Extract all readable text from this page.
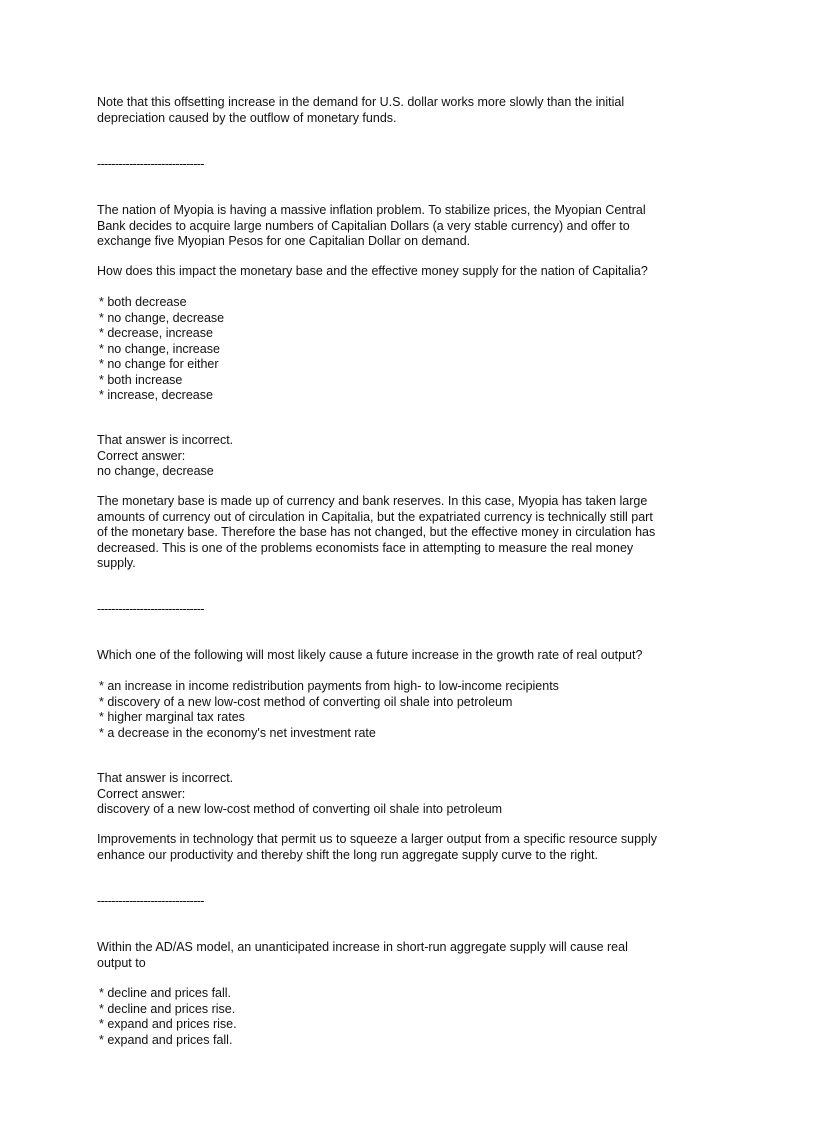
Note that this offsetting increase in the demand for U.S. dollar works more slowly than the initial
depreciation caused by the outflow of monetary funds.
------------------------------
The nation of Myopia is having a massive inflation problem. To stabilize prices, the Myopian Central
Bank decides to acquire large numbers of Capitalian Dollars (a very stable currency) and offer to
exchange five Myopian Pesos for one Capitalian Dollar on demand.
How does this impact the monetary base and the effective money supply for the nation of Capitalia?
* both decrease
* no change, decrease
* decrease, increase
* no change, increase
* no change for either
* both increase
* increase, decrease
That answer is incorrect.
Correct answer:
no change, decrease
The monetary base is made up of currency and bank reserves. In this case, Myopia has taken large
amounts of currency out of circulation in Capitalia, but the expatriated currency is technically still part
of the monetary base. Therefore the base has not changed, but the effective money in circulation has
decreased. This is one of the problems economists face in attempting to measure the real money
supply.
------------------------------
Which one of the following will most likely cause a future increase in the growth rate of real output?
* an increase in income redistribution payments from high- to low-income recipients
* discovery of a new low-cost method of converting oil shale into petroleum
* higher marginal tax rates
* a decrease in the economy's net investment rate
That answer is incorrect.
Correct answer:
discovery of a new low-cost method of converting oil shale into petroleum
Improvements in technology that permit us to squeeze a larger output from a specific resource supply
enhance our productivity and thereby shift the long run aggregate supply curve to the right.
------------------------------
Within the AD/AS model, an unanticipated increase in short-run aggregate supply will cause real
output to
* decline and prices fall.
* decline and prices rise.
* expand and prices rise.
* expand and prices fall.
